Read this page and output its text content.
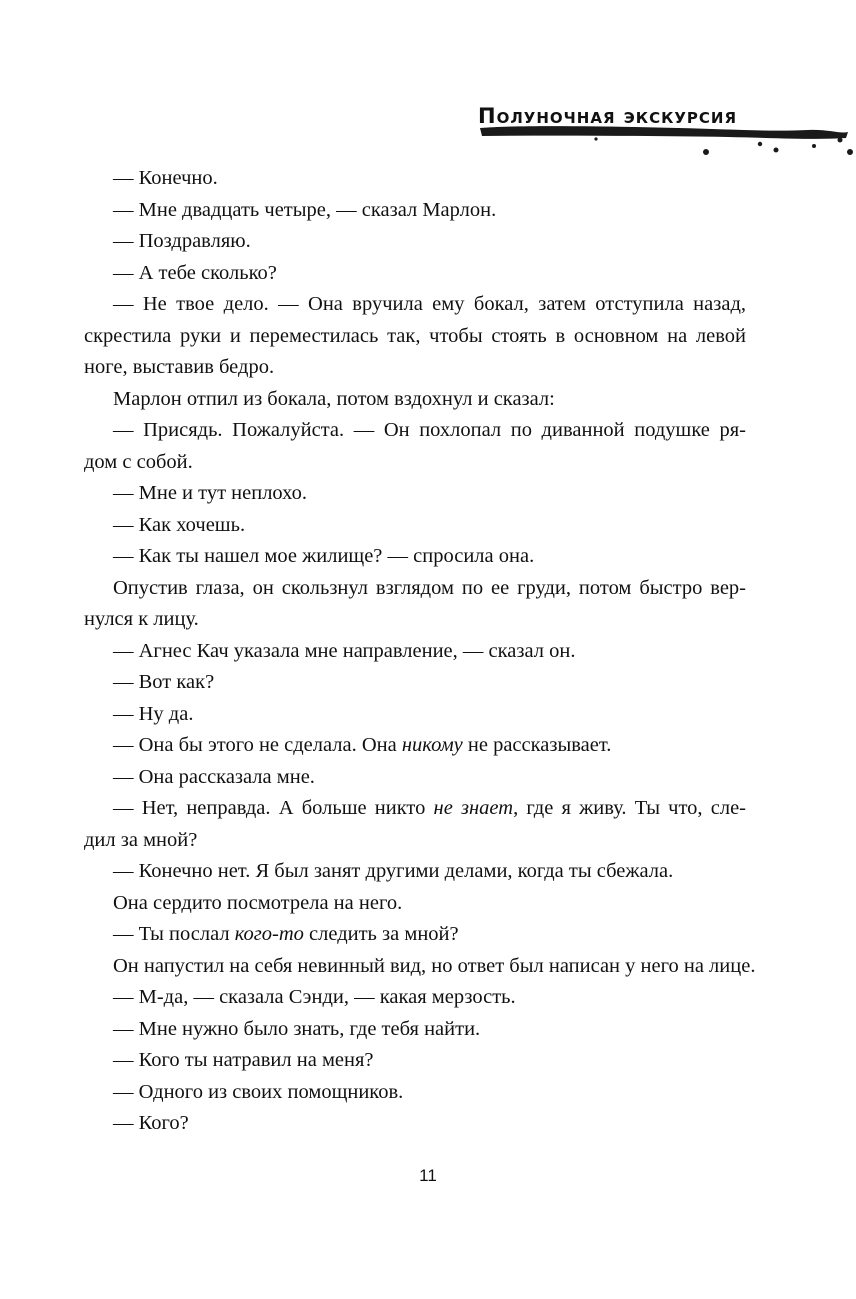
Полуночная экскурсия
— Конечно.
— Мне двадцать четыре, — сказал Марлон.
— Поздравляю.
— А тебе сколько?
— Не твое дело. — Она вручила ему бокал, затем отступила назад,
скрестила руки и переместилась так, чтобы стоять в основном на левой
ноге, выставив бедро.
Марлон отпил из бокала, потом вздохнул и сказал:
— Присядь. Пожалуйста. — Он похлопал по диванной подушке ря-
дом с собой.
— Мне и тут неплохо.
— Как хочешь.
— Как ты нашел мое жилище? — спросила она.
Опустив глаза, он скользнул взглядом по ее груди, потом быстро вер-
нулся к лицу.
— Агнес Кач указала мне направление, — сказал он.
— Вот как?
— Ну да.
— Она бы этого не сделала. Она никому не рассказывает.
— Она рассказала мне.
— Нет, неправда. А больше никто не знает, где я живу. Ты что, сле-
дил за мной?
— Конечно нет. Я был занят другими делами, когда ты сбежала.
Она сердито посмотрела на него.
— Ты послал кого-то следить за мной?
Он напустил на себя невинный вид, но ответ был написан у него на лице.
— М-да, — сказала Сэнди, — какая мерзость.
— Мне нужно было знать, где тебя найти.
— Кого ты натравил на меня?
— Одного из своих помощников.
— Кого?
11
